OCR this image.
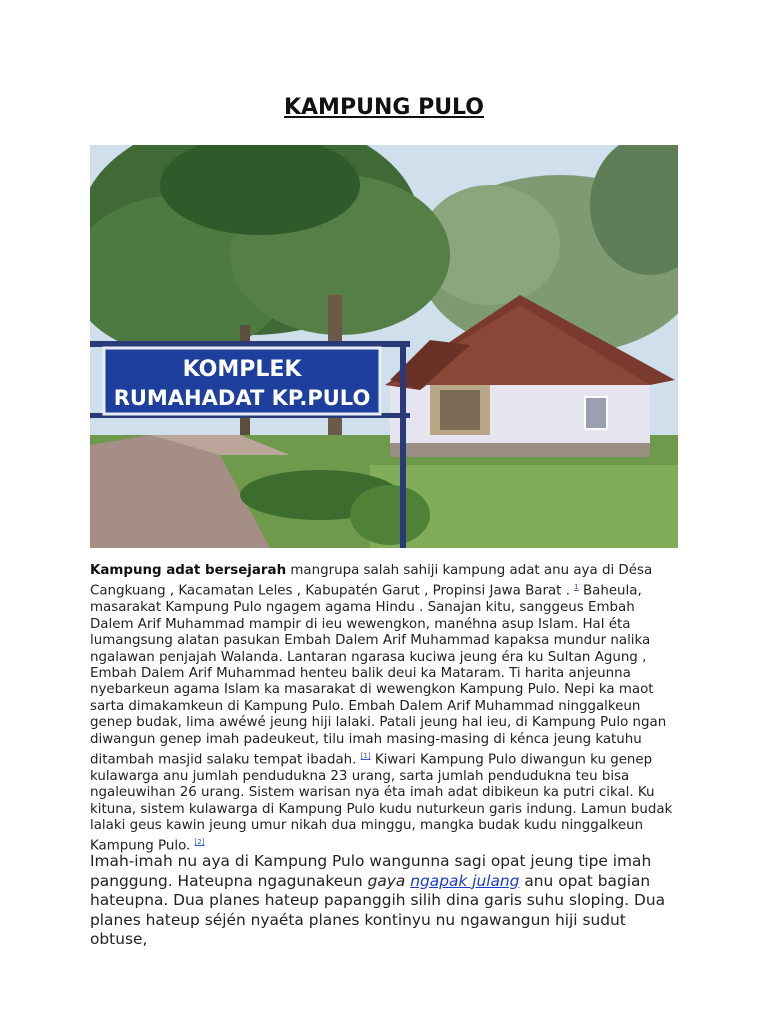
KAMPUNG PULO
KOMPLEK
RUMAHADAT KP.PULO
Kampung adat bersejarah mangrupa salah sahiji kampung adat anu aya di Désa Cangkuang , Kacamatan Leles , Kabupatén Garut , Propinsi Jawa Barat . $^1$ Baheula, masarakat Kampung Pulo ngagem agama Hindu . Sanajan kitu, sanggeus Embah Dalem Arif Muhammad mampir di ieu wewengkon, manéhna asup Islam. Hal éta lumangsung alatan pasukan Embah Dalem Arif Muhammad kapaksa mundur nalika ngalawan penjajah Walanda. Lantaran ngarasa kuciwa jeung éra ku Sultan Agung , Embah Dalem Arif Muhammad henteu balik deui ka Mataram. Ti harita anjeunna nyebarkeun agama Islam ka masarakat di wewengkon Kampung Pulo. Nepi ka maot sarta dimakamkeun di Kampung Pulo. Embah Dalem Arif Muhammad ninggalkeun genep budak, lima awéwé jeung hiji lalaki. Patali jeung hal ieu, di Kampung Pulo ngan diwangun genep imah padeukeut, tilu imah masing-masing di kénca jeung katuhu ditambah masjid salaku tempat ibadah. [1] Kiwari Kampung Pulo diwangun ku genep kulawarga anu jumlah pendudukna 23 urang, sarta jumlah pendudukna teu bisa ngaleuwihan 26 urang. Sistem warisan nya éta imah adat dibikeun ka putri cikal. Ku kituna, sistem kulawarga di Kampung Pulo kudu nuturkeun garis indung. Lamun budak lalaki geus kawin jeung umur nikah dua minggu, mangka budak kudu ninggalkeun Kampung Pulo. [2]
Imah-imah nu aya di Kampung Pulo wangunna sagi opat jeung tipe imah panggung. Hateupna ngagunakeun gaya ngapak julang anu opat bagian hateupna. Dua planes hateup papanggih silih dina garis suhu sloping. Dua planes hateup séjén nyaéta planes kontinyu nu ngawangun hiji sudut obtuse,
